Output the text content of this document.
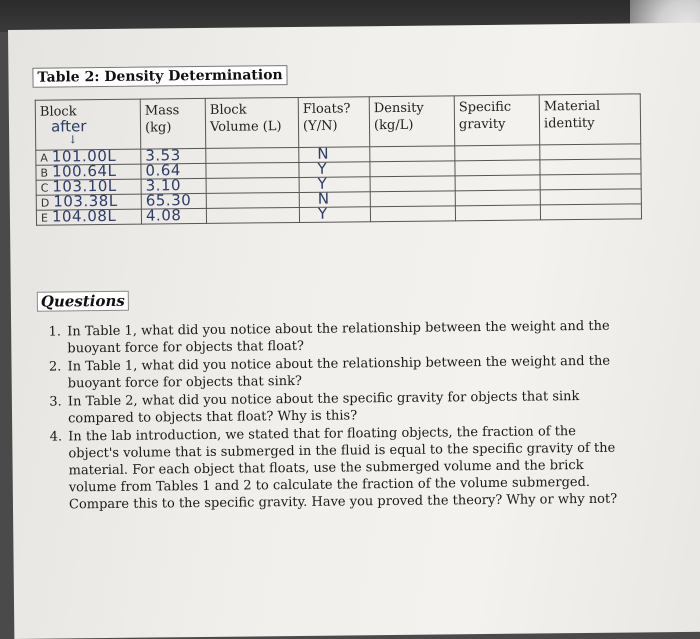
Table 2: Density Determination
Block	Mass (kg)	Block Volume (L)	Floats? (Y/N)	Density (kg/L)	Specific gravity	Material identity
A 101.00L	3.53		N			
B 100.64L	0.64		Y			
C 103.10L	3.10		Y			
D 103.38L	65.30		N			
E 104.08L	4.08		Y			
after
↓
Questions
1. In Table 1, what did you notice about the relationship between the weight and the buoyant force for objects that float?
2. In Table 1, what did you notice about the relationship between the weight and the buoyant force for objects that sink?
3. In Table 2, what did you notice about the specific gravity for objects that sink compared to objects that float? Why is this?
4. In the lab introduction, we stated that for floating objects, the fraction of the object's volume that is submerged in the fluid is equal to the specific gravity of the material. For each object that floats, use the submerged volume and the brick volume from Tables 1 and 2 to calculate the fraction of the volume submerged. Compare this to the specific gravity. Have you proved the theory? Why or why not?
